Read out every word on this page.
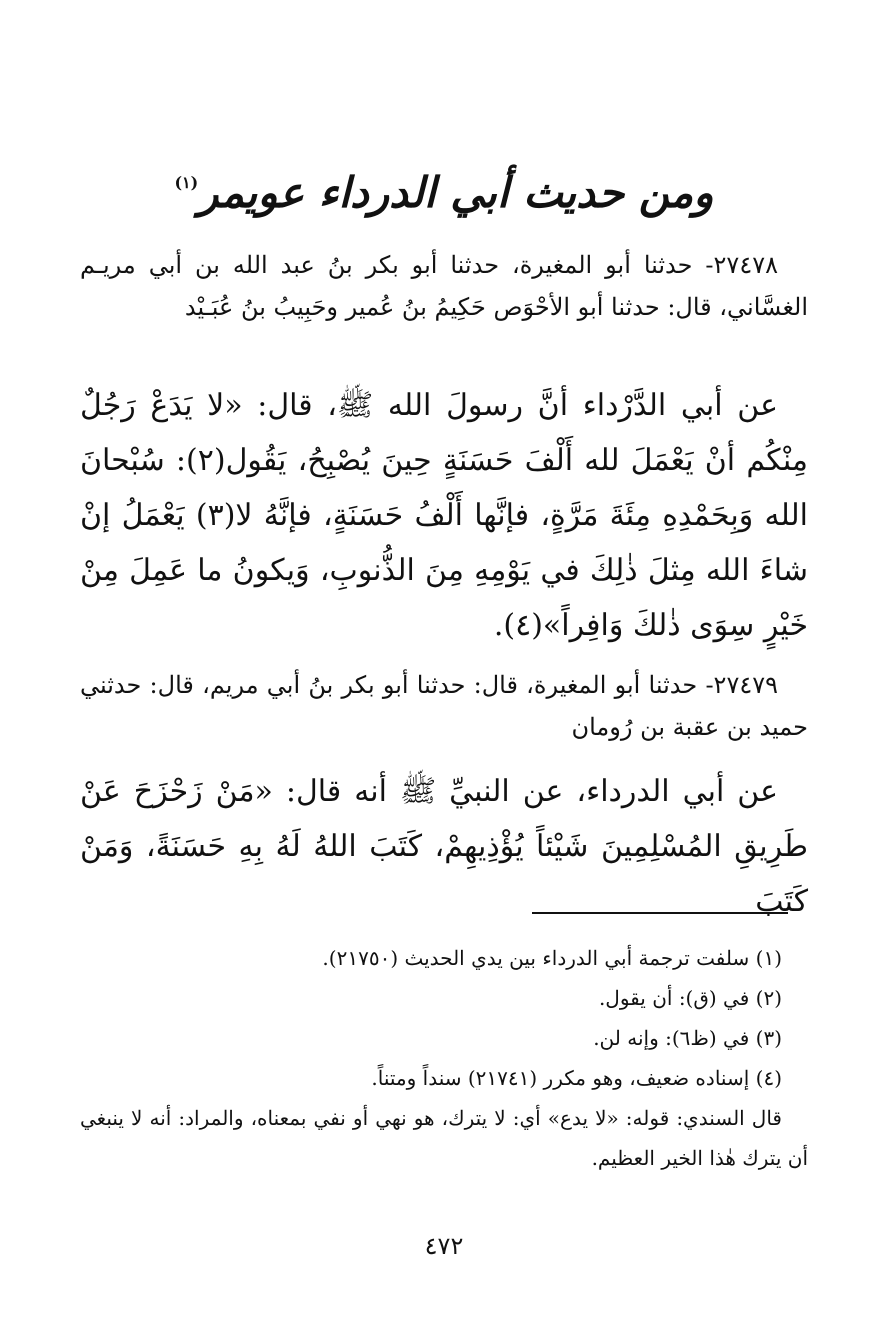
ومن حديث أبي الدرداء عويمر$^{(١)}$
٢٧٤٧٨- حدثنا أبو المغيرة، حدثنا أبو بكر بنُ عبد الله بن أبي مريـم الغسَّاني، قال: حدثنا أبو الأحْوَص حَكِيمُ بنُ عُمير وحَبِيبُ بنُ عُبَـيْد
عن أبي الدَّرْداء أنَّ رسولَ الله ﷺ، قال: «لا يَدَعْ رَجُلٌ مِنْكُم أنْ يَعْمَلَ لله أَلْفَ حَسَنَةٍ حِينَ يُصْبِحُ، يَقُول(٢): سُبْحانَ الله وَبِحَمْدِهِ مِئَةَ مَرَّةٍ، فإنَّها أَلْفُ حَسَنَةٍ، فإنَّهُ لا(٣) يَعْمَلُ إنْ شاءَ الله مِثلَ ذٰلِكَ في يَوْمِهِ مِنَ الذُّنوبِ، وَيكونُ ما عَمِلَ مِنْ خَيْرٍ سِوَى ذٰلكَ وَافِراً»(٤).
٢٧٤٧٩- حدثنا أبو المغيرة، قال: حدثنا أبو بكر بنُ أبي مريم، قال: حدثني حميد بن عقبة بن رُومان
عن أبي الدرداء، عن النبيِّ ﷺ أنه قال: «مَنْ زَحْزَحَ عَنْ طَرِيقِ المُسْلِمِينَ شَيْئاً يُؤْذِيهِمْ، كَتَبَ اللهُ لَهُ بِهِ حَسَنَةً، وَمَنْ كَتَبَ
(١) سلفت ترجمة أبي الدرداء بين يدي الحديث (٢١٧٥٠).
(٢) في (ق): أن يقول.
(٣) في (ظ٦): وإنه لن.
(٤) إسناده ضعيف، وهو مكرر (٢١٧٤١) سنداً ومتناً.
قال السندي: قوله: «لا يدع» أي: لا يترك، هو نهي أو نفي بمعناه، والمراد: أنه لا ينبغي أن يترك هٰذا الخير العظيم.
٤٧٢
